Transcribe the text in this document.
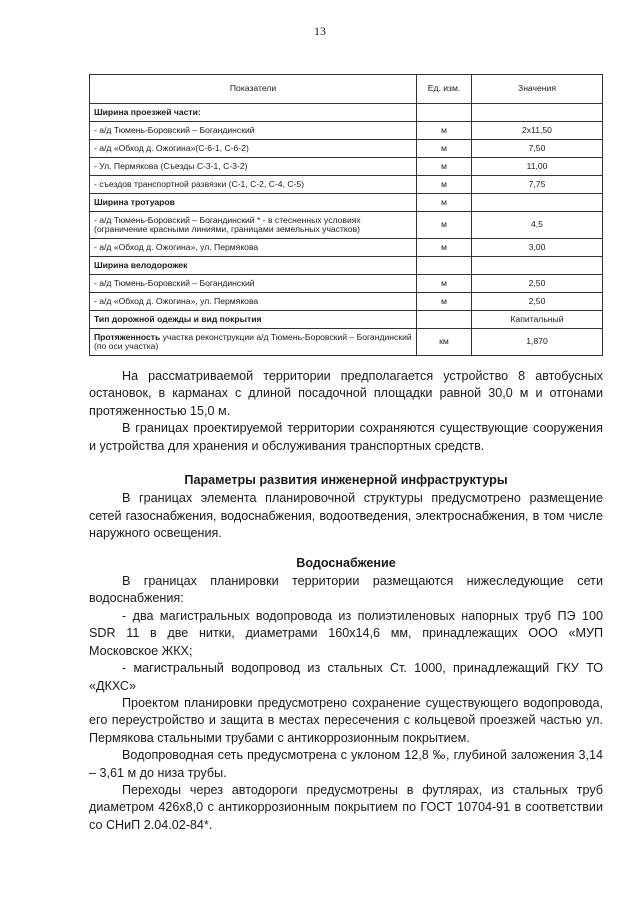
13
Показатели	Ед. изм.	Значения
Ширина проезжей части:		
- а/д Тюмень-Боровский – Богандинский	м	2х11,50
- а/д «Обход д. Ожогина»(С-6-1, С-6-2)	м	7,50
- Ул. Пермякова (Съезды С-3-1, С-3-2)	м	11,00
- съездов транспортной развязки (С-1, С-2, С-4, С-5)	м	7,75
Ширина тротуаров	м	
- а/д Тюмень-Боровский – Богандинский * - в стесненных условиях (ограничение красными линиями, границами земельных участков)	м	4,5
- а/д «Обход д. Ожогина», ул. Пермякова	м	3,00
Ширина велодорожек		
- а/д Тюмень-Боровский – Богандинский	м	2,50
- а/д «Обход д. Ожогина», ул. Пермякова	м	2,50
Тип дорожной одежды и вид покрытия		Капитальный
Протяженность участка реконструкции а/д Тюмень-Боровский – Богандинский (по оси участка)	км	1,870

На рассматриваемой территории предполагается устройство 8 автобусных остановок, в карманах с длиной посадочной площадки равной 30,0 м и отгонами протяженностью 15,0 м.

В границах проектируемой территории сохраняются существующие сооружения и устройства для хранения и обслуживания транспортных средств.

Параметры развития инженерной инфраструктуры

В границах элемента планировочной структуры предусмотрено размещение сетей газоснабжения, водоснабжения, водоотведения, электроснабжения, в том числе наружного освещения.

Водоснабжение

В границах планировки территории размещаются нижеследующие сети водоснабжения:

- два магистральных водопровода из полиэтиленовых напорных труб ПЭ 100 SDR 11 в две нитки, диаметрами 160х14,6 мм, принадлежащих ООО «МУП Московское ЖКХ;

- магистральный водопровод из стальных Ст. 1000, принадлежащий ГКУ ТО «ДКХС»

Проектом планировки предусмотрено сохранение существующего водопровода, его переустройство и защита в местах пересечения с кольцевой проезжей частью ул. Пермякова стальными трубами с антикоррозионным покрытием.

Водопроводная сеть предусмотрена с уклоном 12,8 ‰, глубиной заложения 3,14 – 3,61 м до низа трубы.

Переходы через автодороги предусмотрены в футлярах, из стальных труб диаметром 426х8,0 с антикоррозионным покрытием по ГОСТ 10704-91 в соответствии со СНиП 2.04.02-84*.
